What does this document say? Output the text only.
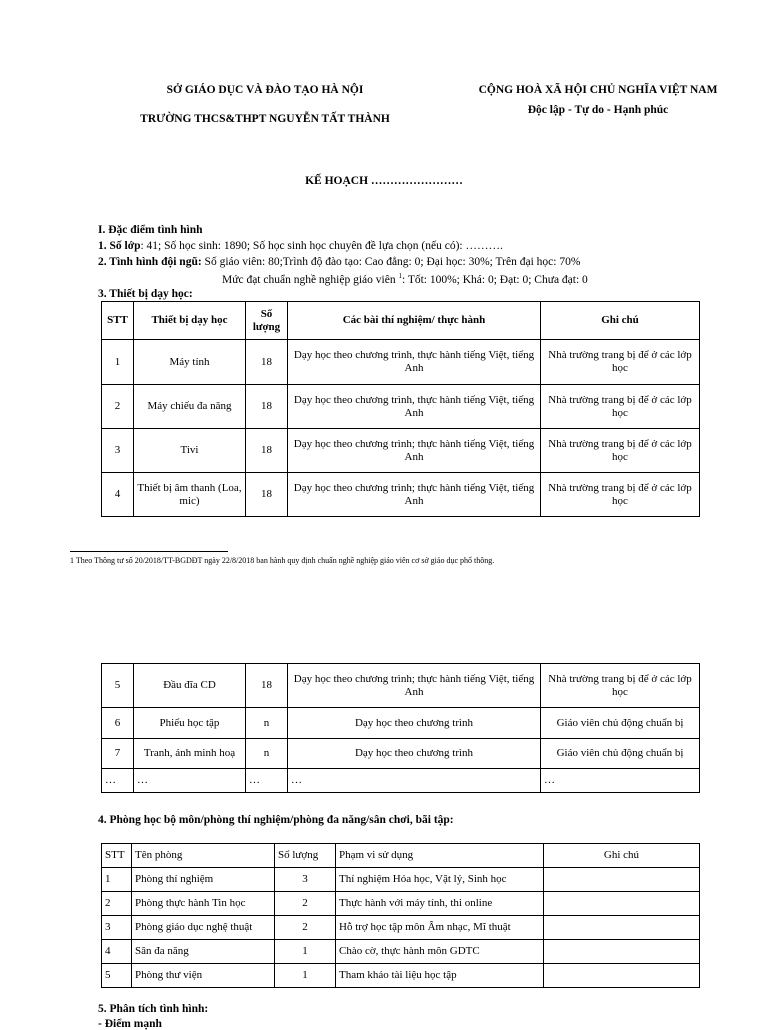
SỞ GIÁO DỤC VÀ ĐÀO TẠO HÀ NỘI
TRƯỜNG THCS&THPT NGUYỄN TẤT THÀNH
CỘNG HOÀ XÃ HỘI CHỦ NGHĨA VIỆT NAM
Độc lập - Tự do - Hạnh phúc
KẾ HOẠCH ……………………
I. Đặc điểm tình hình
1. Số lớp: 41; Số học sinh: 1890; Số học sinh học chuyên đề lựa chọn (nếu có): ……….
2. Tình hình đội ngũ: Số giáo viên: 80;Trình độ đào tạo: Cao đẳng: 0; Đại học: 30%; Trên đại học: 70%
Mức đạt chuẩn nghề nghiệp giáo viên $^1$: Tốt: 100%; Khá: 0; Đạt: 0; Chưa đạt: 0
3. Thiết bị dạy học:
STT	Thiết bị dạy học	Số lượng	Các bài thí nghiệm/ thực hành	Ghi chú
1	Máy tính	18	Dạy học theo chương trình, thực hành tiếng Việt, tiếng Anh	Nhà trường trang bị để ở các lớp học
2	Máy chiếu đa năng	18	Dạy học theo chương trình, thực hành tiếng Việt, tiếng Anh	Nhà trường trang bị để ở các lớp học
3	Tivi	18	Dạy học theo chương trình; thực hành tiếng Việt, tiếng Anh	Nhà trường trang bị để ở các lớp học
4	Thiết bị âm thanh (Loa, mic)	18	Dạy học theo chương trình; thực hành tiếng Việt, tiếng Anh	Nhà trường trang bị để ở các lớp học
1 Theo Thông tư số 20/2018/TT-BGDĐT ngày 22/8/2018 ban hành quy định chuẩn nghề nghiệp giáo viên cơ sở giáo dục phổ thông.
5	Đầu đĩa CD	18	Dạy học theo chương trình; thực hành tiếng Việt, tiếng Anh	Nhà trường trang bị để ở các lớp học
6	Phiếu học tập	n	Dạy học theo chương trình	Giáo viên chủ động chuẩn bị
7	Tranh, ảnh minh hoạ	n	Dạy học theo chương trình	Giáo viên chủ động chuẩn bị
…	…	…	…	…
4. Phòng học bộ môn/phòng thí nghiệm/phòng đa năng/sân chơi, bãi tập:
STT	Tên phòng	Số lượng	Phạm vi sử dụng	Ghi chú
1	Phòng thí nghiệm	3	Thí nghiệm Hóa học, Vật lý, Sinh học	
2	Phòng thực hành Tin học	2	Thực hành với máy tính, thi online	
3	Phòng giáo dục nghệ thuật	2	Hỗ trợ học tập môn Âm nhạc, Mĩ thuật	
4	Sân đa năng	1	Chào cờ, thực hành môn GDTC	
5	Phòng thư viện	1	Tham khảo tài liệu học tập	
5. Phân tích tình hình:
- Điểm mạnh
